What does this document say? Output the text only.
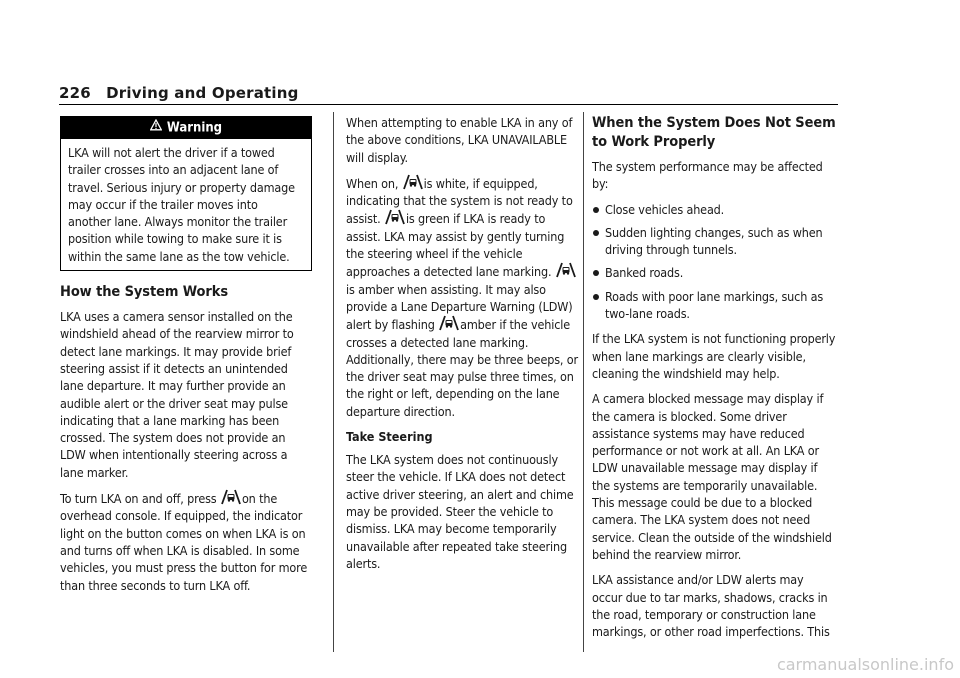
226 Driving and Operating
Warning

LKA will not alert the driver if a towed trailer crosses into an adjacent lane of travel. Serious injury or property damage may occur if the trailer moves into another lane. Always monitor the trailer position while towing to make sure it is within the same lane as the tow vehicle.

How the System Works

LKA uses a camera sensor installed on the windshield ahead of the rearview mirror to detect lane markings. It may provide brief steering assist if it detects an unintended lane departure. It may further provide an audible alert or the driver seat may pulse indicating that a lane marking has been crossed. The system does not provide an LDW when intentionally steering across a lane marker.

To turn LKA on and off, press on the overhead console. If equipped, the indicator light on the button comes on when LKA is on and turns off when LKA is disabled. In some vehicles, you must press the button for more than three seconds to turn LKA off.

When attempting to enable LKA in any of the above conditions, LKA UNAVAILABLE will display.

When on, is white, if equipped, indicating that the system is not ready to assist. is green if LKA is ready to assist. LKA may assist by gently turning the steering wheel if the vehicle approaches a detected lane marking. is amber when assisting. It may also provide a Lane Departure Warning (LDW) alert by flashing amber if the vehicle crosses a detected lane marking. Additionally, there may be three beeps, or the driver seat may pulse three times, on the right or left, depending on the lane departure direction.

Take Steering

The LKA system does not continuously steer the vehicle. If LKA does not detect active driver steering, an alert and chime may be provided. Steer the vehicle to dismiss. LKA may become temporarily unavailable after repeated take steering alerts.

When the System Does Not Seem to Work Properly

The system performance may be affected by:

Close vehicles ahead.
Sudden lighting changes, such as when driving through tunnels.
Banked roads.
Roads with poor lane markings, such as two-lane roads.

If the LKA system is not functioning properly when lane markings are clearly visible, cleaning the windshield may help.

A camera blocked message may display if the camera is blocked. Some driver assistance systems may have reduced performance or not work at all. An LKA or LDW unavailable message may display if the systems are temporarily unavailable. This message could be due to a blocked camera. The LKA system does not need service. Clean the outside of the windshield behind the rearview mirror.

LKA assistance and/or LDW alerts may occur due to tar marks, shadows, cracks in the road, temporary or construction lane markings, or other road imperfections. This

carmanualsonline.info
